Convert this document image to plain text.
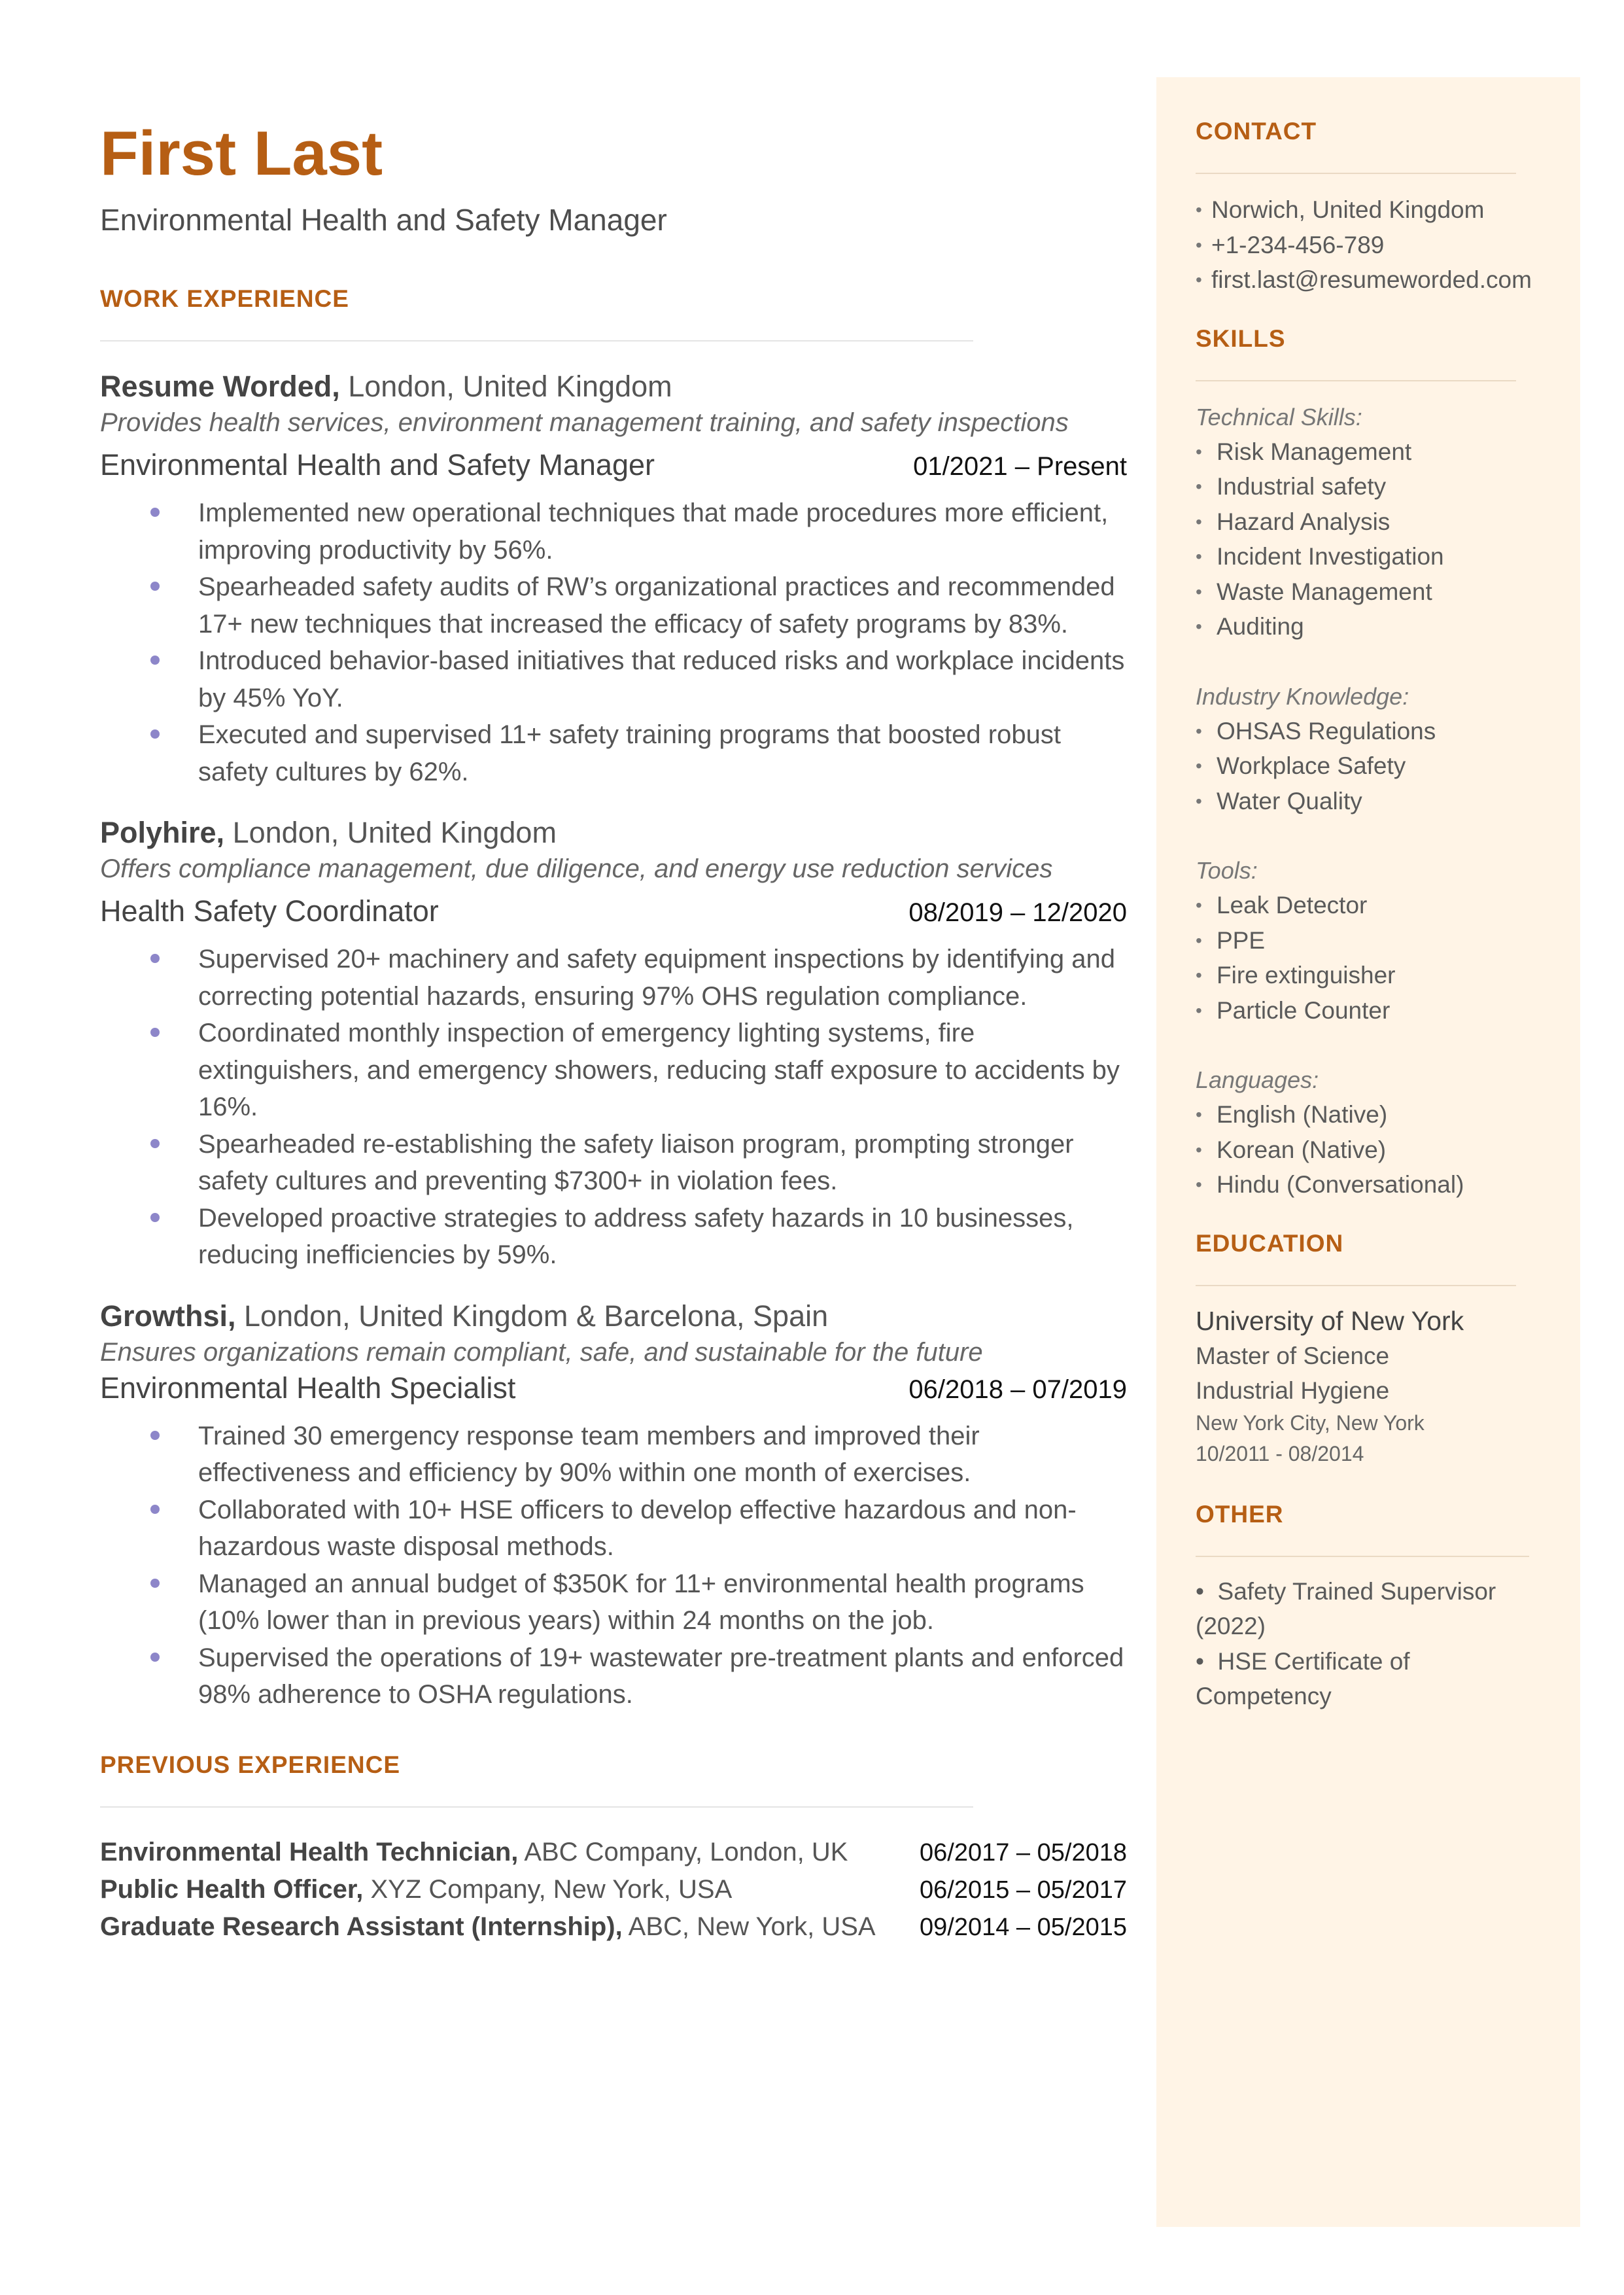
First Last
Environmental Health and Safety Manager
WORK EXPERIENCE
Resume Worded, London, United Kingdom
Provides health services, environment management training, and safety inspections
Environmental Health and Safety Manager	01/2021 – Present
Implemented new operational techniques that made procedures more efficient, improving productivity by 56%.
Spearheaded safety audits of RW’s organizational practices and recommended 17+ new techniques that increased the efficacy of safety programs by 83%.
Introduced behavior-based initiatives that reduced risks and workplace incidents by 45% YoY.
Executed and supervised 11+ safety training programs that boosted robust safety cultures by 62%.
Polyhire, London, United Kingdom
Offers compliance management, due diligence, and energy use reduction services
Health Safety Coordinator	08/2019 – 12/2020
Supervised 20+ machinery and safety equipment inspections by identifying and correcting potential hazards, ensuring 97% OHS regulation compliance.
Coordinated monthly inspection of emergency lighting systems, fire extinguishers, and emergency showers, reducing staff exposure to accidents by 16%.
Spearheaded re-establishing the safety liaison program, prompting stronger safety cultures and preventing $7300+ in violation fees.
Developed proactive strategies to address safety hazards in 10 businesses, reducing inefficiencies by 59%.
Growthsi, London, United Kingdom & Barcelona, Spain
Ensures organizations remain compliant, safe, and sustainable for the future
Environmental Health Specialist	06/2018 – 07/2019
Trained 30 emergency response team members and improved their effectiveness and efficiency by 90% within one month of exercises.
Collaborated with 10+ HSE officers to develop effective hazardous and non-hazardous waste disposal methods.
Managed an annual budget of $350K for 11+ environmental health programs (10% lower than in previous years) within 24 months on the job.
Supervised the operations of 19+ wastewater pre-treatment plants and enforced 98% adherence to OSHA regulations.
PREVIOUS EXPERIENCE
Environmental Health Technician, ABC Company, London, UK	06/2017 – 05/2018
Public Health Officer, XYZ Company, New York, USA	06/2015 – 05/2017
Graduate Research Assistant (Internship), ABC, New York, USA 09/2014 – 05/2015
CONTACT
• Norwich, United Kingdom
• +1-234-456-789
• first.last@resumeworded.com
SKILLS
Technical Skills:
• Risk Management
• Industrial safety
• Hazard Analysis
• Incident Investigation
• Waste Management
• Auditing
Industry Knowledge:
• OHSAS Regulations
• Workplace Safety
• Water Quality
Tools:
• Leak Detector
• PPE
• Fire extinguisher
• Particle Counter
Languages:
• English (Native)
• Korean (Native)
• Hindu (Conversational)
EDUCATION
University of New York
Master of Science
Industrial Hygiene
New York City, New York
10/2011 - 08/2014
OTHER
•  Safety Trained Supervisor (2022)
•  HSE Certificate of Competency
